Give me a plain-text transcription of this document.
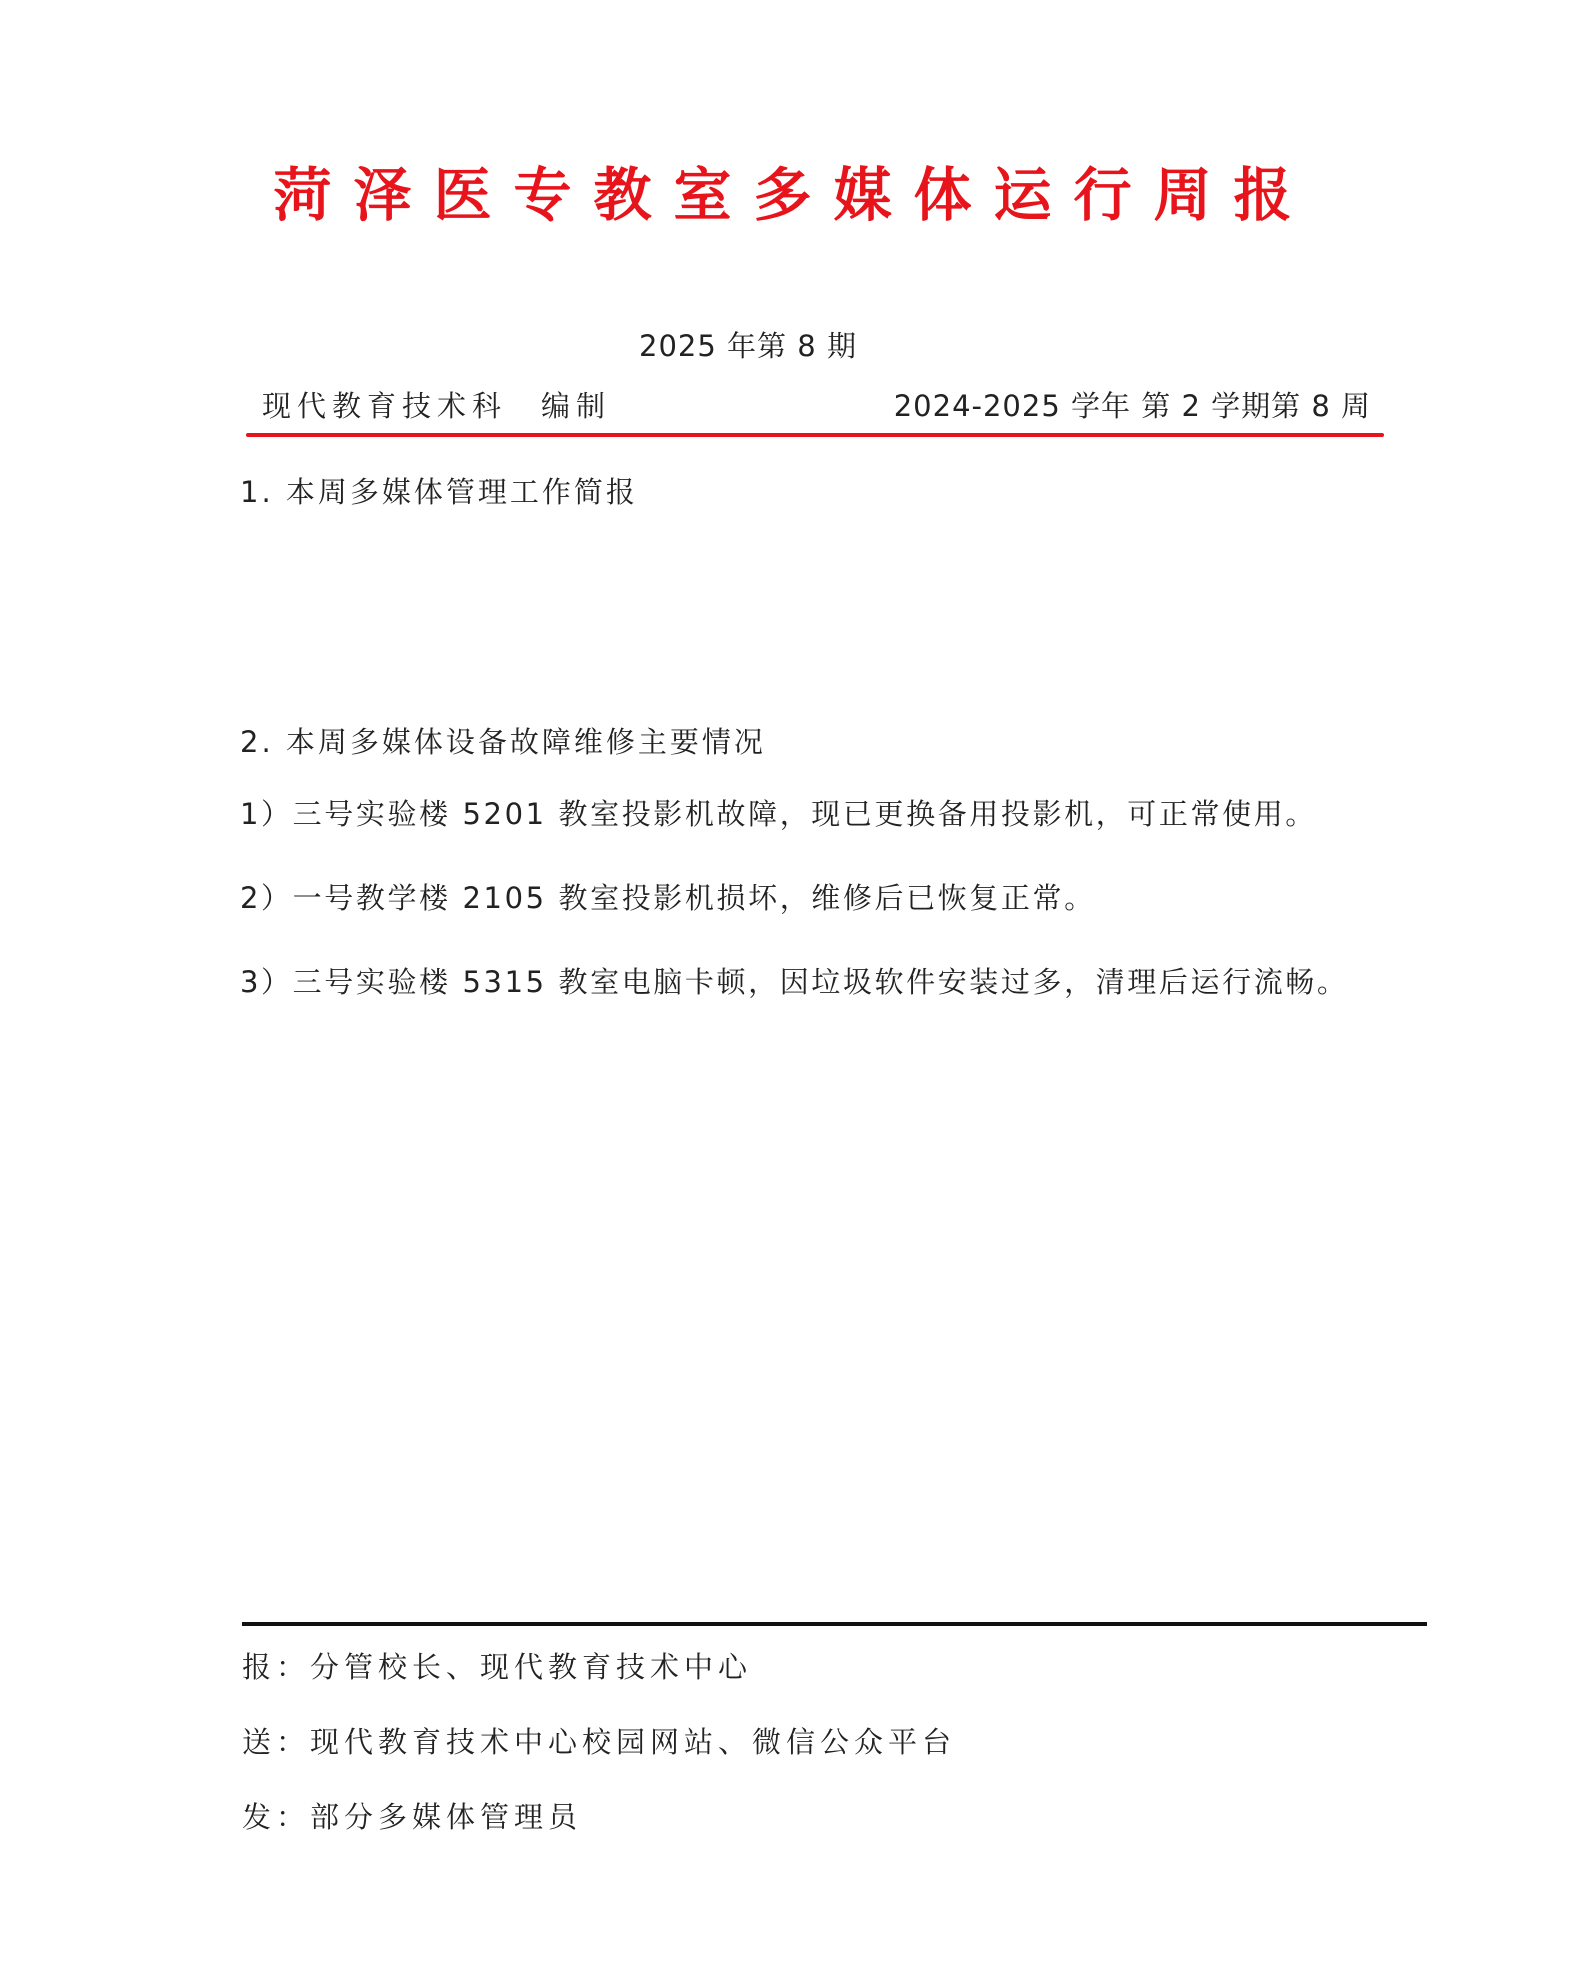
菏泽医专教室多媒体运行周报
2025 年第 8 期
现代教育技术科 编制	2024-2025 学年 第 2 学期第 8 周
1. 本周多媒体管理工作简报
2. 本周多媒体设备故障维修主要情况
1）三号实验楼 5201 教室投影机故障，现已更换备用投影机，可正常使用。
2）一号教学楼 2105 教室投影机损坏，维修后已恢复正常。
3）三号实验楼 5315 教室电脑卡顿，因垃圾软件安装过多，清理后运行流畅。
报：分管校长、现代教育技术中心
送：现代教育技术中心校园网站、微信公众平台
发：部分多媒体管理员
